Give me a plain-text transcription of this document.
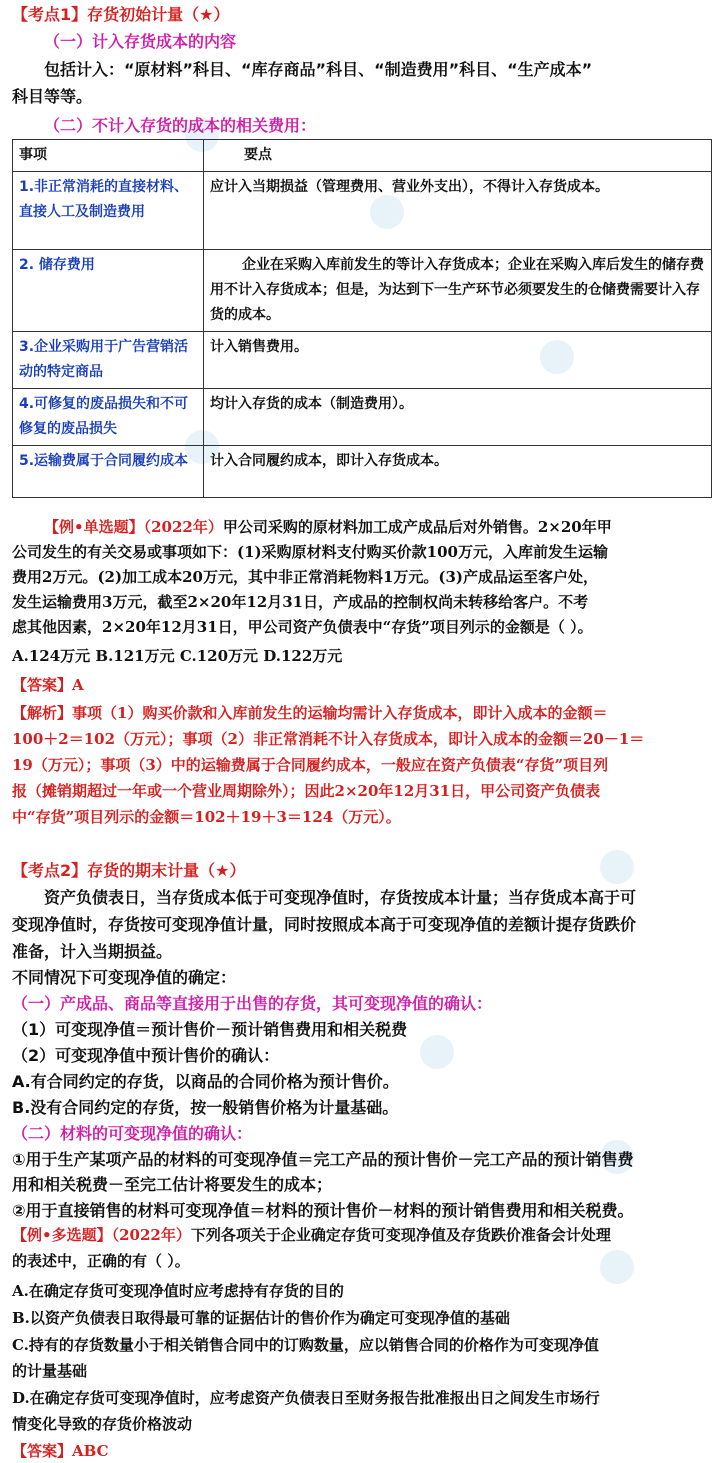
【考点1】存货初始计量（★）
（一）计入存货成本的内容
包括计入：“原材料”科目、“库存商品”科目、“制造费用”科目、“生产成本”
科目等等。
（二）不计入存货的成本的相关费用：
事项	要点
1.非正常消耗的直接材料、直接人工及制造费用	应计入当期损益（管理费用、营业外支出），不得计入存货成本。
2. 储存费用	企业在采购入库前发生的等计入存货成本；企业在采购入库后发生的储存费用不计入存货成本；但是，为达到下一生产环节必须要发生的仓储费需要计入存货的成本。
3.企业采购用于广告营销活动的特定商品	计入销售费用。
4.可修复的废品损失和不可修复的废品损失	均计入存货的成本（制造费用）。
5.运输费属于合同履约成本	计入合同履约成本，即计入存货成本。
【例•单选题】（2022年）甲公司采购的原材料加工成产成品后对外销售。2×20年甲
公司发生的有关交易或事项如下：(1)采购原材料支付购买价款100万元，入库前发生运输
费用2万元。(2)加工成本20万元，其中非正常消耗物料1万元。(3)产成品运至客户处，
发生运输费用3万元，截至2×20年12月31日，产成品的控制权尚未转移给客户。不考
虑其他因素，2×20年12月31日，甲公司资产负债表中“存货”项目列示的金额是（ ）。
A.124万元 B.121万元 C.120万元 D.122万元
【答案】A
【解析】事项（1）购买价款和入库前发生的运输均需计入存货成本，即计入成本的金额＝
100＋2＝102（万元）；事项（2）非正常消耗不计入存货成本，即计入成本的金额＝20－1＝
19（万元）；事项（3）中的运输费属于合同履约成本，一般应在资产负债表“存货”项目列
报（摊销期超过一年或一个营业周期除外）；因此2×20年12月31日，甲公司资产负债表
中“存货”项目列示的金额＝102＋19＋3＝124（万元）。
【考点2】存货的期末计量（★）
资产负债表日，当存货成本低于可变现净值时，存货按成本计量；当存货成本高于可
变现净值时，存货按可变现净值计量，同时按照成本高于可变现净值的差额计提存货跌价
准备，计入当期损益。
不同情况下可变现净值的确定：
（一）产成品、商品等直接用于出售的存货，其可变现净值的确认：
（1）可变现净值＝预计售价－预计销售费用和相关税费
（2）可变现净值中预计售价的确认：
A.有合同约定的存货，以商品的合同价格为预计售价。
B.没有合同约定的存货，按一般销售价格为计量基础。
（二）材料的可变现净值的确认：
①用于生产某项产品的材料的可变现净值＝完工产品的预计售价－完工产品的预计销售费
用和相关税费－至完工估计将要发生的成本；
②用于直接销售的材料可变现净值＝材料的预计售价－材料的预计销售费用和相关税费。
【例•多选题】（2022年）下列各项关于企业确定存货可变现净值及存货跌价准备会计处理
的表述中，正确的有（ ）。
A.在确定存货可变现净值时应考虑持有存货的目的
B.以资产负债表日取得最可靠的证据估计的售价作为确定可变现净值的基础
C.持有的存货数量小于相关销售合同中的订购数量，应以销售合同的价格作为可变现净值
的计量基础
D.在确定存货可变现净值时，应考虑资产负债表日至财务报告批准报出日之间发生市场行
情变化导致的存货价格波动
【答案】ABC
